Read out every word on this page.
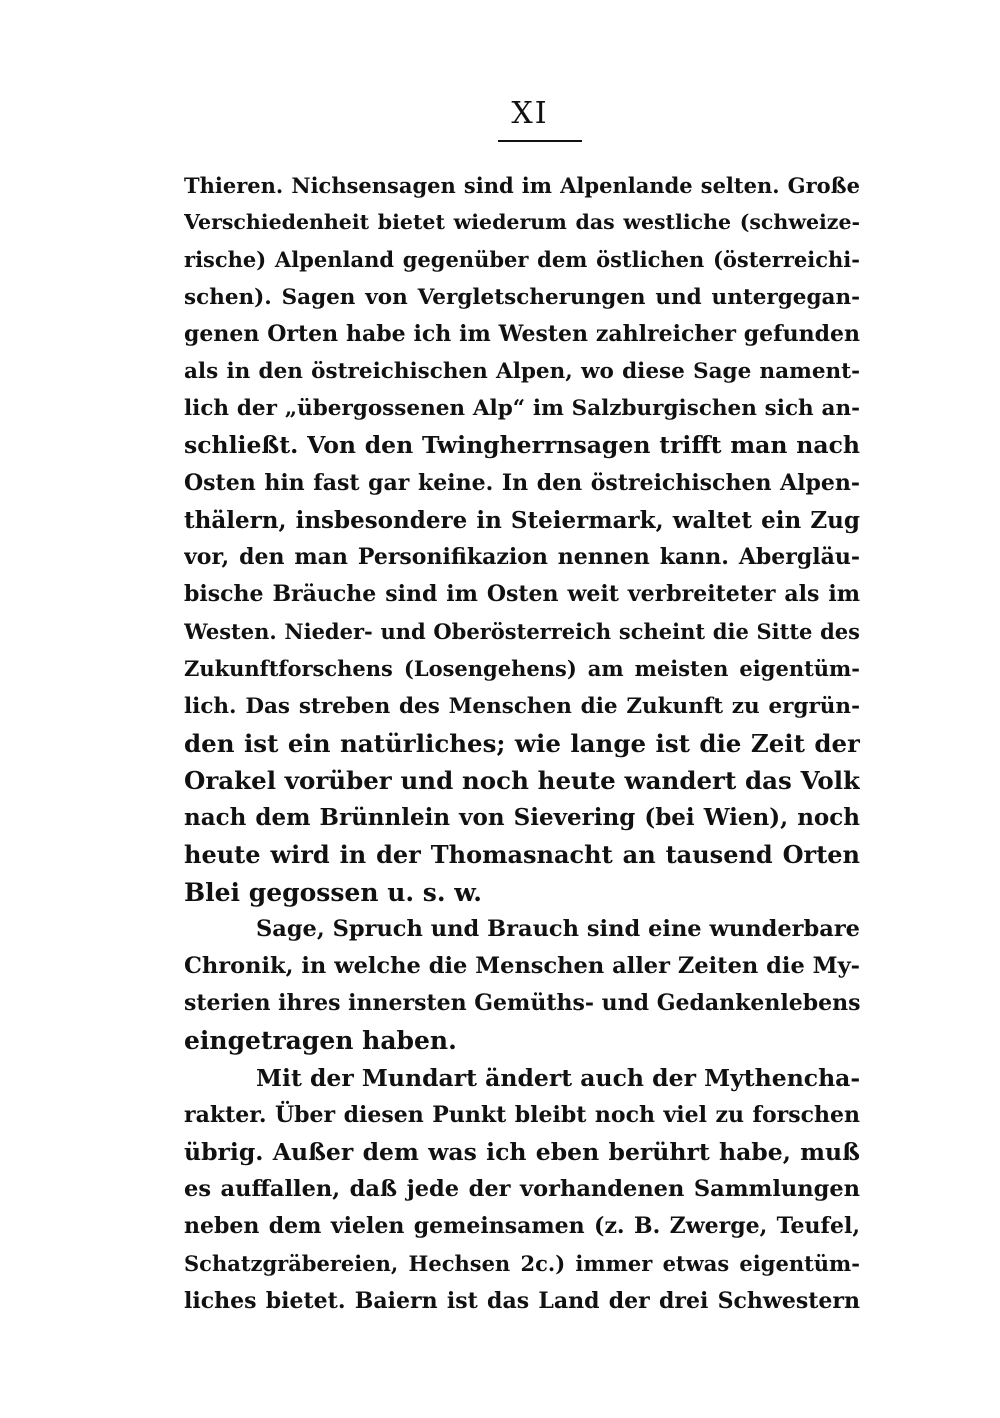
XI
Thieren. Nichsensagen sind im Alpenlande selten. Große
Verschiedenheit bietet wiederum das westliche (schweize-
rische) Alpenland gegenüber dem östlichen (österreichi-
schen). Sagen von Vergletscherungen und untergegan-
genen Orten habe ich im Westen zahlreicher gefunden
als in den östreichischen Alpen, wo diese Sage nament-
lich der „übergossenen Alp“ im Salzburgischen sich an-
schließt. Von den Twingherrnsagen trifft man nach
Osten hin fast gar keine. In den östreichischen Alpen-
thälern, insbesondere in Steiermark, waltet ein Zug
vor, den man Personifikazion nennen kann. Abergläu-
bische Bräuche sind im Osten weit verbreiteter als im
Westen. Nieder- und Oberösterreich scheint die Sitte des
Zukunftforschens (Losengehens) am meisten eigentüm-
lich. Das streben des Menschen die Zukunft zu ergrün-
den ist ein natürliches; wie lange ist die Zeit der
Orakel vorüber und noch heute wandert das Volk
nach dem Brünnlein von Sievering (bei Wien), noch
heute wird in der Thomasnacht an tausend Orten
Blei gegossen u. s. w.
Sage, Spruch und Brauch sind eine wunderbare
Chronik, in welche die Menschen aller Zeiten die My-
sterien ihres innersten Gemüths- und Gedankenlebens
eingetragen haben.
Mit der Mundart ändert auch der Mythencha-
rakter. Über diesen Punkt bleibt noch viel zu forschen
übrig. Außer dem was ich eben berührt habe, muß
es auffallen, daß jede der vorhandenen Sammlungen
neben dem vielen gemeinsamen (z. B. Zwerge, Teufel,
Schatzgräbereien, Hechsen 2c.) immer etwas eigentüm-
liches bietet. Baiern ist das Land der drei Schwestern
